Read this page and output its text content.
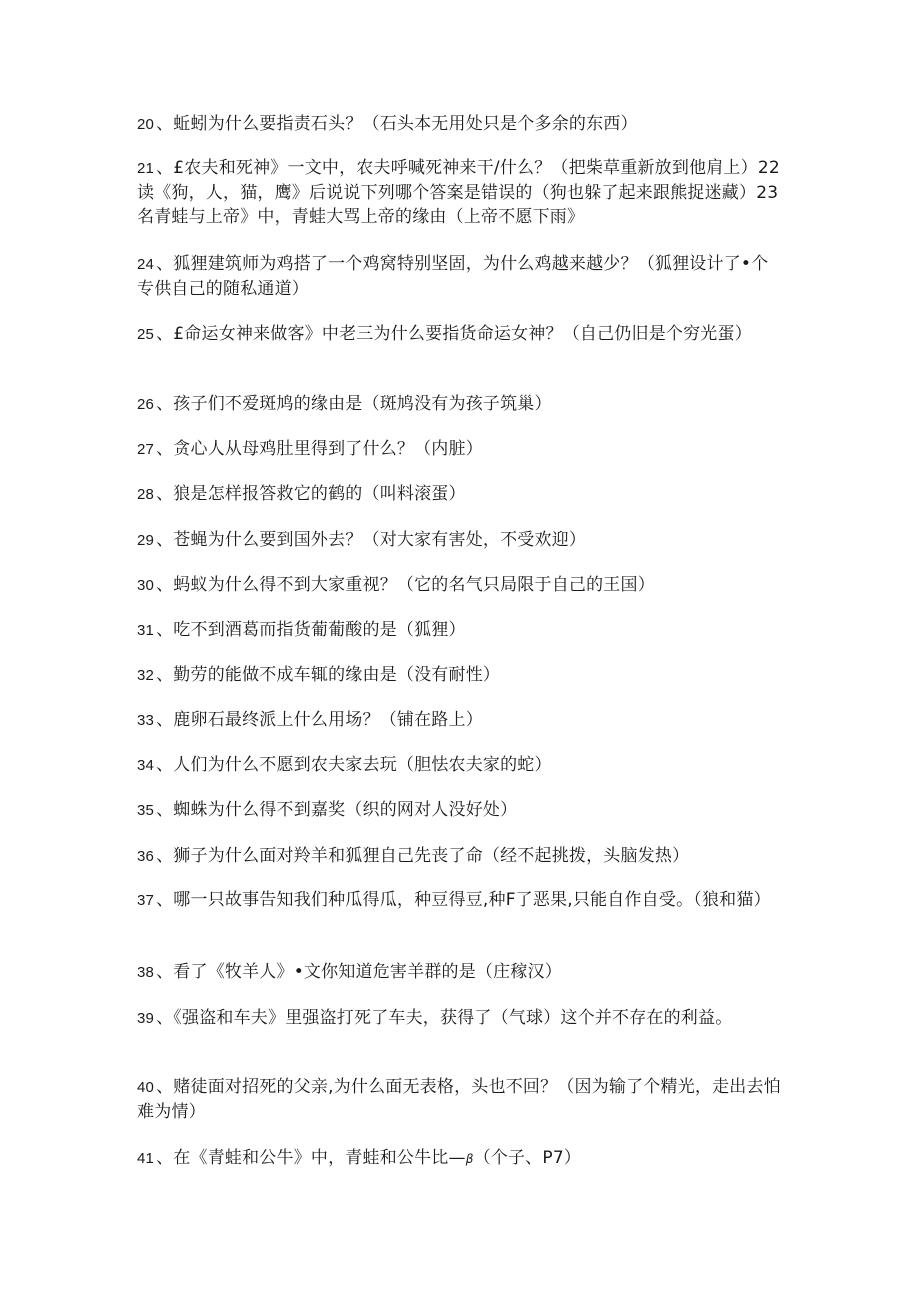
20 、蚯蚓为什么要指责石头？（石头本无用处只是个多余的东西）

21 、£农夫和死神》一文中，农夫呼喊死神来干/什么？（把柴草重新放到他肩上）22读《狗，人，猫，鹰》后说说下列哪个答案是错误的（狗也躲了起来跟熊捉迷藏）23名青蛙与上帝》中，青蛙大骂上帝的缘由（上帝不愿下雨》

24 、狐狸建筑师为鸡搭了一个鸡窝特别坚固，为什么鸡越来越少？（狐狸设计了•个专供自己的随私通道）

25 、£命运女神来做客》中老三为什么要指货命运女神？（自己仍旧是个穷光蛋）

26 、孩子们不爱斑鸠的缘由是（斑鸠没有为孩子筑巢）

27 、贪心人从母鸡肚里得到了什么？（内脏）

28 、狼是怎样报答救它的鹤的（叫料滚蛋）

29 、苍蝇为什么要到国外去？（对大家有害处，不受欢迎）

30 、蚂蚁为什么得不到大家重视？（它的名气只局限于自己的王国）

31 、吃不到酒葛而指货葡葡酸的是（狐狸）

32 、勤劳的能做不成车辄的缘由是（没有耐性）

33 、鹿卵石最终派上什么用场？（铺在路上）

34 、人们为什么不愿到农夫家去玩（胆怯农夫家的蛇）

35 、蜘蛛为什么得不到嘉奖（织的网对人没好处）

36 、狮子为什么面对羚羊和狐狸自己先丧了命（经不起挑拨，头脑发热）

37 、哪一只故事告知我们种瓜得瓜，种豆得豆,种F了恶果,只能自作自受。（狼和猫）

38 、看了《牧羊人》•文你知道危害羊群的是（庄稼汉）

39 、《强盗和车夫》里强盗打死了车夫，获得了（气球）这个并不存在的利益。

40 、赌徒面对招死的父亲,为什么面无表格，头也不回？（因为输了个精光，走出去怕难为情）

41 、在《青蛙和公牛》中，青蛙和公牛比—β（个子、P7）
